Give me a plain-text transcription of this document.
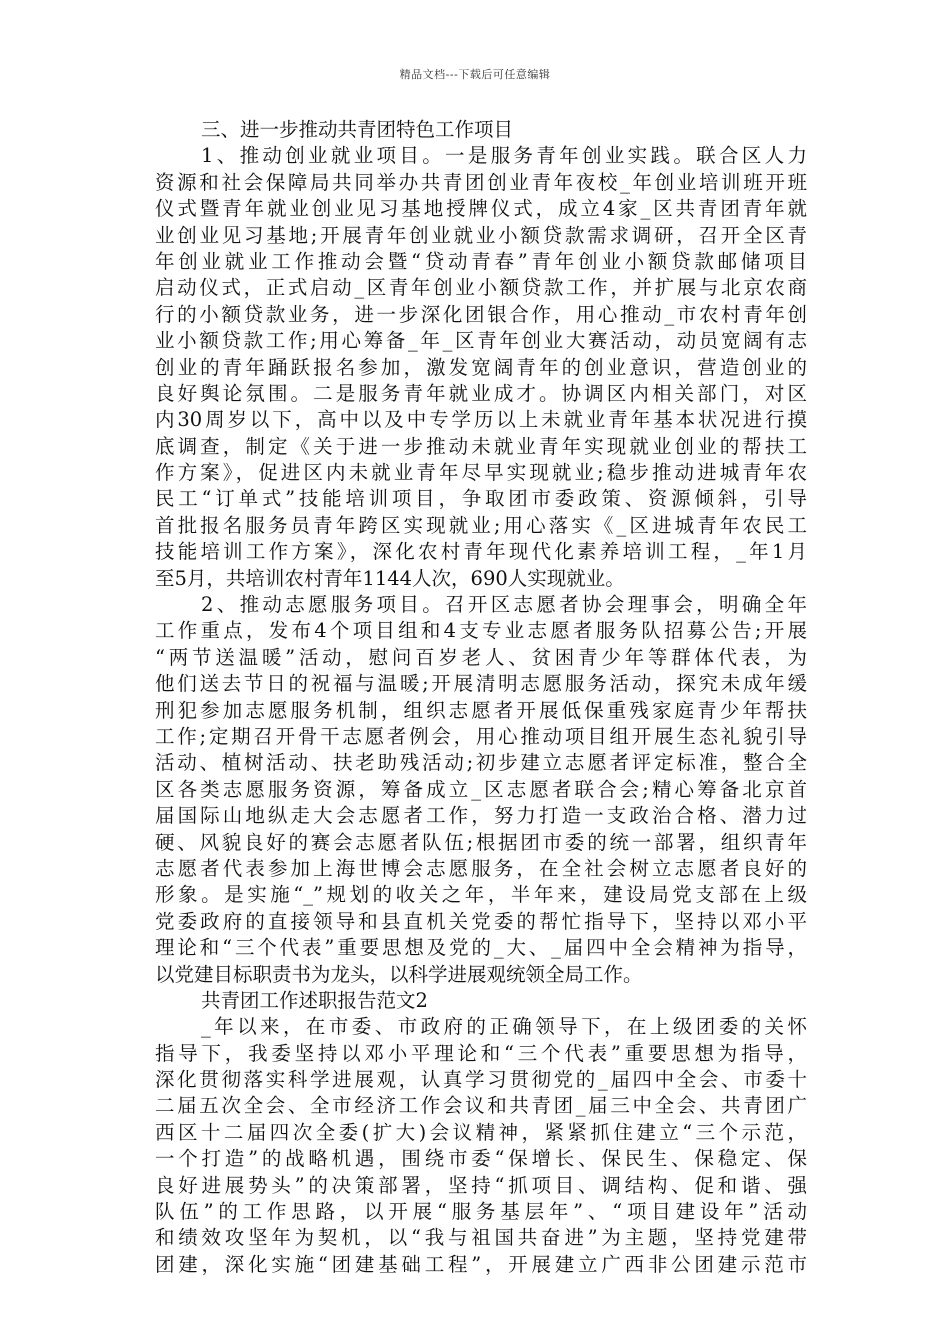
精品文档---下载后可任意编辑
三、进一步推动共青团特色工作项目
1、推动创业就业项目。一是服务青年创业实践。联合区人力
资源和社会保障局共同举办共青团创业青年夜校_年创业培训班开班
仪式暨青年就业创业见习基地授牌仪式，成立4家_区共青团青年就
业创业见习基地;开展青年创业就业小额贷款需求调研，召开全区青
年创业就业工作推动会暨“贷动青春”青年创业小额贷款邮储项目
启动仪式，正式启动_区青年创业小额贷款工作，并扩展与北京农商
行的小额贷款业务，进一步深化团银合作，用心推动_市农村青年创
业小额贷款工作;用心筹备_年_区青年创业大赛活动，动员宽阔有志
创业的青年踊跃报名参加，激发宽阔青年的创业意识，营造创业的
良好舆论氛围。二是服务青年就业成才。协调区内相关部门，对区
内30周岁以下，高中以及中专学历以上未就业青年基本状况进行摸
底调查，制定《关于进一步推动未就业青年实现就业创业的帮扶工
作方案》，促进区内未就业青年尽早实现就业;稳步推动进城青年农
民工“订单式”技能培训项目，争取团市委政策、资源倾斜，引导
首批报名服务员青年跨区实现就业;用心落实《_区进城青年农民工
技能培训工作方案》，深化农村青年现代化素养培训工程，_年1月
至5月，共培训农村青年1144人次，690人实现就业。
2、推动志愿服务项目。召开区志愿者协会理事会，明确全年
工作重点，发布4个项目组和4支专业志愿者服务队招募公告;开展
“两节送温暖”活动，慰问百岁老人、贫困青少年等群体代表，为
他们送去节日的祝福与温暖;开展清明志愿服务活动，探究未成年缓
刑犯参加志愿服务机制，组织志愿者开展低保重残家庭青少年帮扶
工作;定期召开骨干志愿者例会，用心推动项目组开展生态礼貌引导
活动、植树活动、扶老助残活动;初步建立志愿者评定标准，整合全
区各类志愿服务资源，筹备成立_区志愿者联合会;精心筹备北京首
届国际山地纵走大会志愿者工作，努力打造一支政治合格、潜力过
硬、风貌良好的赛会志愿者队伍;根据团市委的统一部署，组织青年
志愿者代表参加上海世博会志愿服务，在全社会树立志愿者良好的
形象。是实施“_”规划的收关之年，半年来，建设局党支部在上级
党委政府的直接领导和县直机关党委的帮忙指导下，坚持以邓小平
理论和“三个代表”重要思想及党的_大、_届四中全会精神为指导，
以党建目标职责书为龙头，以科学进展观统领全局工作。
共青团工作述职报告范文2
_年以来，在市委、市政府的正确领导下，在上级团委的关怀
指导下，我委坚持以邓小平理论和“三个代表”重要思想为指导，
深化贯彻落实科学进展观，认真学习贯彻党的_届四中全会、市委十
二届五次全会、全市经济工作会议和共青团_届三中全会、共青团广
西区十二届四次全委(扩大)会议精神，紧紧抓住建立“三个示范，
一个打造”的战略机遇，围绕市委“保增长、保民生、保稳定、保
良好进展势头”的决策部署，坚持“抓项目、调结构、促和谐、强
队伍”的工作思路，以开展“服务基层年”、“项目建设年”活动
和绩效攻坚年为契机，以“我与祖国共奋进”为主题，坚持党建带
团建，深化实施“团建基础工程”，开展建立广西非公团建示范市
